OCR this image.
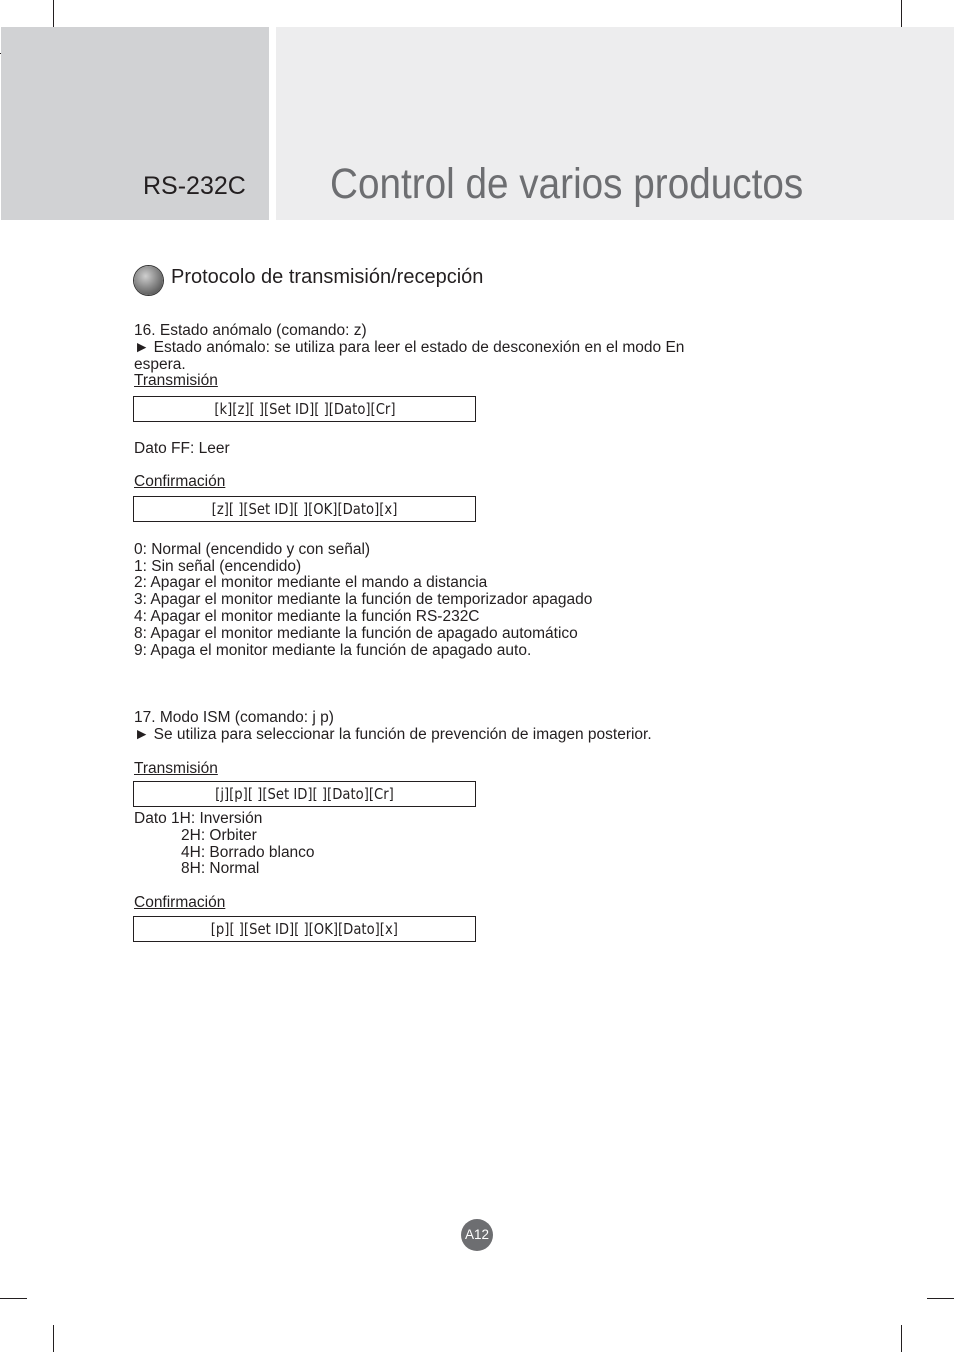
RS-232C Control de varios productos
Protocolo de transmisión/recepción
16. Estado anómalo (comando: z)
► Estado anómalo: se utiliza para leer el estado de desconexión en el modo En
espera.
Transmisión
[k][z][ ][Set ID][ ][Dato][Cr]
Dato FF: Leer
Confirmación
[z][ ][Set ID][ ][OK][Dato][x]
0: Normal (encendido y con señal)
1: Sin señal (encendido)
2: Apagar el monitor mediante el mando a distancia
3: Apagar el monitor mediante la función de temporizador apagado
4: Apagar el monitor mediante la función RS-232C
8: Apagar el monitor mediante la función de apagado automático
9: Apaga el monitor mediante la función de apagado auto.
17. Modo ISM (comando: j p)
► Se utiliza para seleccionar la función de prevención de imagen posterior.
Transmisión
[j][p][ ][Set ID][ ][Dato][Cr]
Dato 1H: Inversión
2H: Orbiter
4H: Borrado blanco
8H: Normal
Confirmación
[p][ ][Set ID][ ][OK][Dato][x]
A12
